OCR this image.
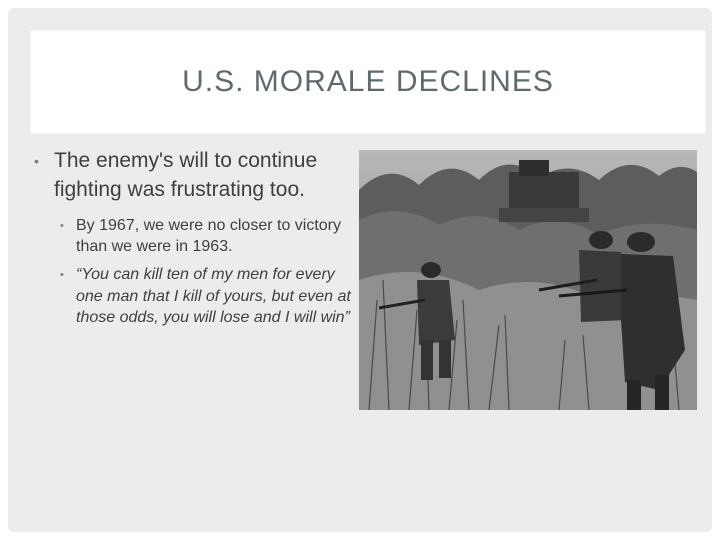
U.S. MORALE DECLINES
• The enemy's will to continue fighting was frustrating too.
• By 1967, we were no closer to victory than we were in 1963.
• “You can kill ten of my men for every one man that I kill of yours, but even at those odds, you will lose and I will win”
